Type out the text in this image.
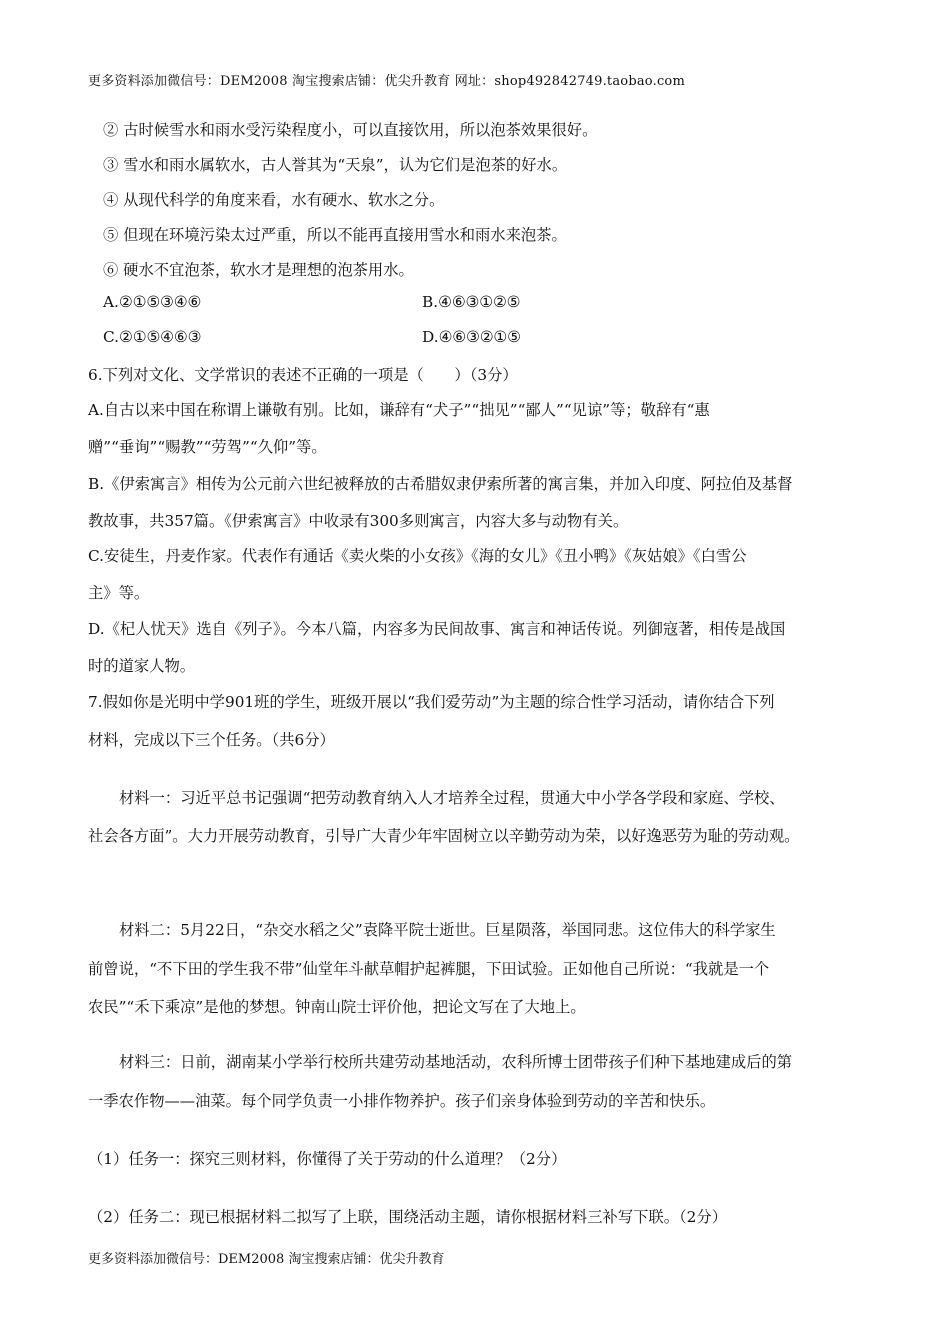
更多资料添加微信号：DEM2008 淘宝搜索店铺：优尖升教育 网址：shop492842749.taobao.com
② 古时候雪水和雨水受污染程度小，可以直接饮用，所以泡茶效果很好。
③ 雪水和雨水属软水，古人誉其为“天泉”，认为它们是泡茶的好水。
④ 从现代科学的角度来看，水有硬水、软水之分。
⑤ 但现在环境污染太过严重，所以不能再直接用雪水和雨水来泡茶。
⑥ 硬水不宜泡茶，软水才是理想的泡茶用水。
A.②①⑤③④⑥	B.④⑥③①②⑤
C.②①⑤④⑥③	D.④⑥③②①⑤
6.下列对文化、文学常识的表述不正确的一项是（　　）（3分）
A.自古以来中国在称谓上谦敬有别。比如，谦辞有“犬子”“拙见”“鄙人”“见谅”等；敬辞有“惠
赠”“垂询”“赐教”“劳驾”“久仰”等。
B.《伊索寓言》相传为公元前六世纪被释放的古希腊奴隶伊索所著的寓言集，并加入印度、阿拉伯及基督
教故事，共357篇。《伊索寓言》中收录有300多则寓言，内容大多与动物有关。
C.安徒生，丹麦作家。代表作有通话《卖火柴的小女孩》《海的女儿》《丑小鸭》《灰姑娘》《白雪公
主》等。
D.《杞人忧天》选自《列子》。今本八篇，内容多为民间故事、寓言和神话传说。列御寇著，相传是战国
时的道家人物。
7.假如你是光明中学901班的学生，班级开展以“我们爱劳动”为主题的综合性学习活动，请你结合下列
材料，完成以下三个任务。（共6分）
材料一：习近平总书记强调“把劳动教育纳入人才培养全过程，贯通大中小学各学段和家庭、学校、
社会各方面”。大力开展劳动教育，引导广大青少年牢固树立以辛勤劳动为荣，以好逸恶劳为耻的劳动观。
材料二：5月22日，“杂交水稻之父”袁降平院士逝世。巨星陨落，举国同悲。这位伟大的科学家生
前曾说，“不下田的学生我不带”仙堂年斗献草帽护起裤腿，下田试验。正如他自己所说：“我就是一个
农民”“禾下乘凉”是他的梦想。钟南山院士评价他，把论文写在了大地上。
材料三：日前，湖南某小学举行校所共建劳动基地活动，农科所博士团带孩子们种下基地建成后的第
一季农作物——油菜。每个同学负责一小排作物养护。孩子们亲身体验到劳动的辛苦和快乐。
（1）任务一：探究三则材料，你懂得了关于劳动的什么道理？（2分）
（2）任务二：现已根据材料二拟写了上联，围绕活动主题，请你根据材料三补写下联。（2分）
更多资料添加微信号：DEM2008 淘宝搜索店铺：优尖升教育
